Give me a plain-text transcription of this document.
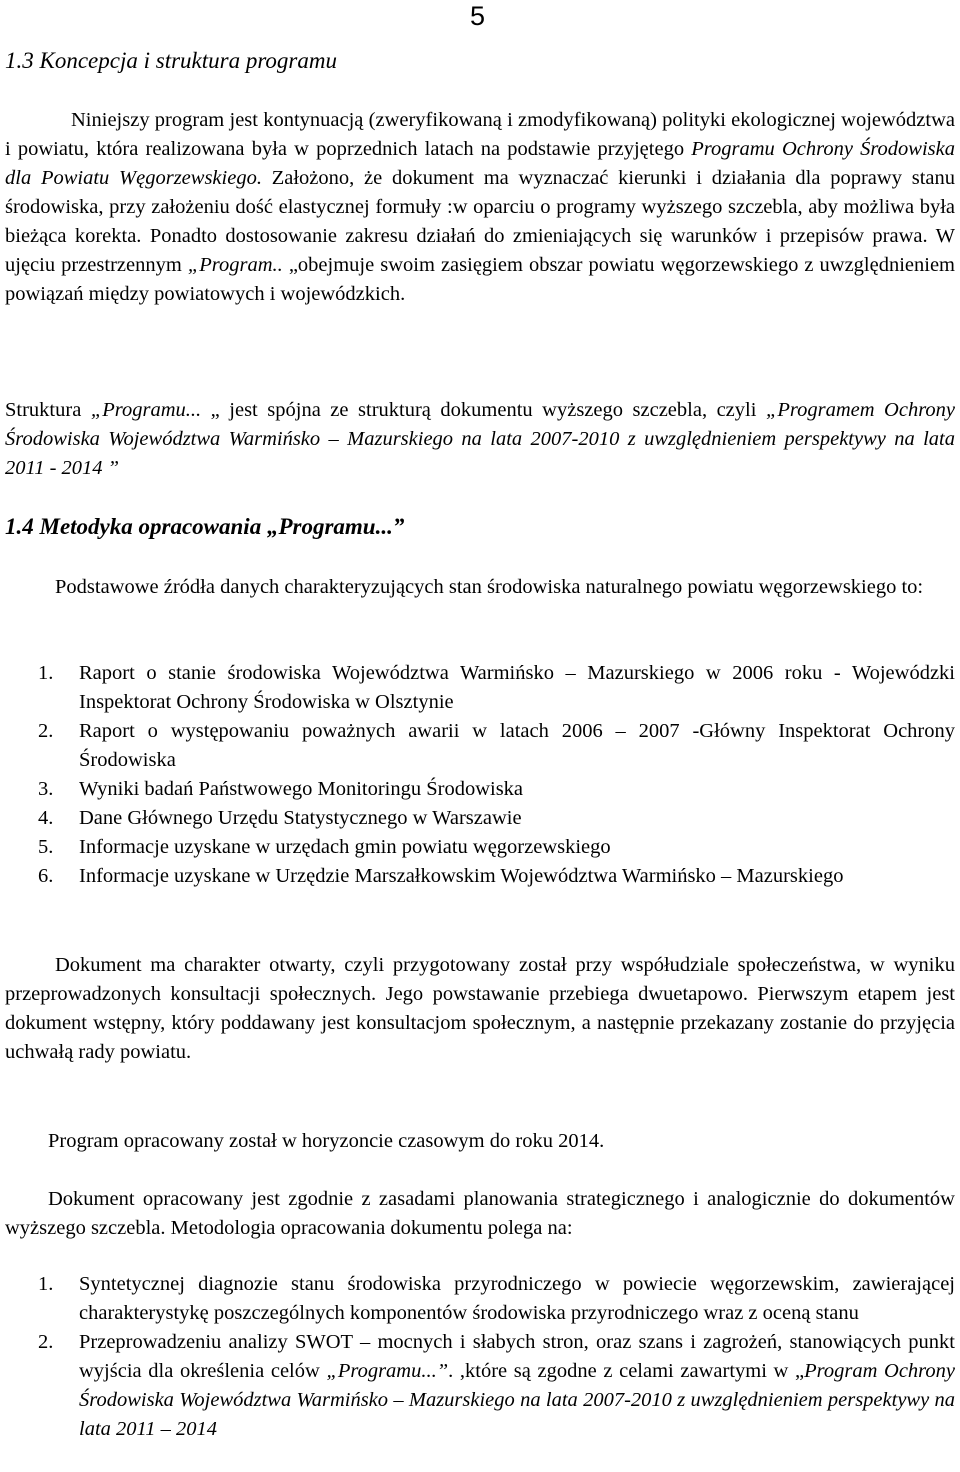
5
1.3 Koncepcja i struktura programu

Niniejszy program jest kontynuacją (zweryfikowaną i zmodyfikowaną) polityki ekologicznej województwa i powiatu, która realizowana była w poprzednich latach na podstawie przyjętego Programu Ochrony Środowiska dla Powiatu Węgorzewskiego. Założono, że dokument ma wyznaczać kierunki i działania dla poprawy stanu środowiska, przy założeniu dość elastycznej formuły :w oparciu o programy wyższego szczebla, aby możliwa była bieżąca korekta. Ponadto dostosowanie zakresu działań do zmieniających się warunków i przepisów prawa. W ujęciu przestrzennym „Program.. „obejmuje swoim zasięgiem obszar powiatu węgorzewskiego z uwzględnieniem powiązań między powiatowych i wojewódzkich.

Struktura „Programu... „ jest spójna ze strukturą dokumentu wyższego szczebla, czyli „Programem Ochrony Środowiska Województwa Warmińsko – Mazurskiego na lata 2007-2010 z uwzględnieniem perspektywy na lata 2011 - 2014 ”

1.4 Metodyka opracowania „Programu...”

Podstawowe źródła danych charakteryzujących stan środowiska naturalnego powiatu węgorzewskiego to:

1. Raport o stanie środowiska Województwa Warmińsko – Mazurskiego w 2006 roku - Wojewódzki Inspektorat Ochrony Środowiska w Olsztynie
2. Raport o występowaniu poważnych awarii w latach 2006 – 2007 -Główny Inspektorat Ochrony Środowiska
3. Wyniki badań Państwowego Monitoringu Środowiska
4. Dane Głównego Urzędu Statystycznego w Warszawie
5. Informacje uzyskane w urzędach gmin powiatu węgorzewskiego
6. Informacje uzyskane w Urzędzie Marszałkowskim Województwa Warmińsko – Mazurskiego

Dokument ma charakter otwarty, czyli przygotowany został przy współudziale społeczeństwa, w wyniku przeprowadzonych konsultacji społecznych. Jego powstawanie przebiega dwuetapowo. Pierwszym etapem jest dokument wstępny, który poddawany jest konsultacjom społecznym, a następnie przekazany zostanie do przyjęcia uchwałą rady powiatu.

Program opracowany został w horyzoncie czasowym do roku 2014.

Dokument opracowany jest zgodnie z zasadami planowania strategicznego i analogicznie do dokumentów wyższego szczebla. Metodologia opracowania dokumentu polega na:

1. Syntetycznej diagnozie stanu środowiska przyrodniczego w powiecie węgorzewskim, zawierającej charakterystykę poszczególnych komponentów środowiska przyrodniczego wraz z oceną stanu
2. Przeprowadzeniu analizy SWOT – mocnych i słabych stron, oraz szans i zagrożeń, stanowiących punkt wyjścia dla określenia celów „Programu...”. ,które są zgodne z celami zawartymi w „Program Ochrony Środowiska Województwa Warmińsko – Mazurskiego na lata 2007-2010 z uwzględnieniem perspektywy na lata 2011 – 2014
